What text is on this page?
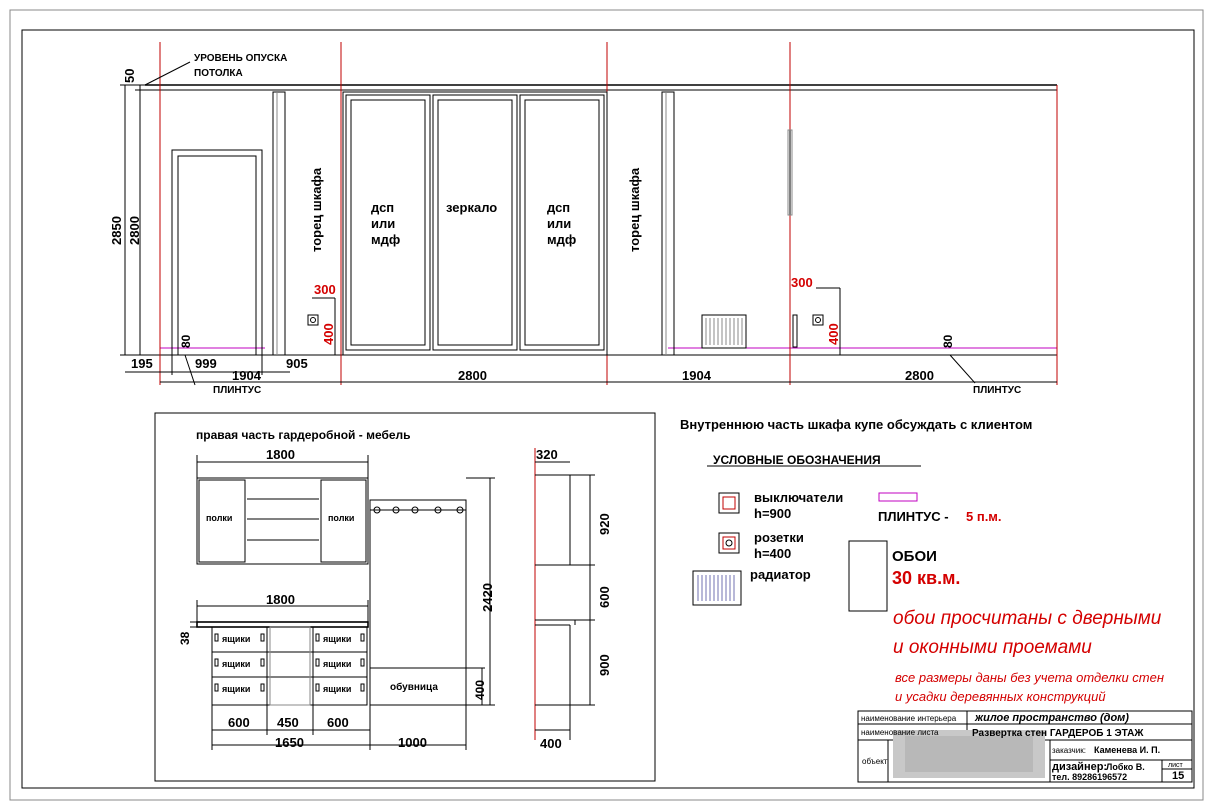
УРОВЕНЬ ОПУСКА
ПОТОЛКА
50
2850 2800
80	80
195	999	905
1904	2800	1904	2800
ПЛИНТУС	ПЛИНТУС
торец шкафа	торец шкафа
дсп
или
мдф
зеркало	дсп
или
мдф
300
400
300
400
правая часть гардеробной - мебель
1800
полки	полки
1800
38	ящики
ящики
ящики
ящики
ящики
ящики	обувница
2420
400
600 450 600
1650	1000
320
920
600
900
400
Внутреннюю часть шкафа купе обсуждать с клиентом
УСЛОВНЫЕ ОБОЗНАЧЕНИЯ
выключатели
h=900
розетки
h=400
радиатор
ПЛИНТУС - 5 п.м.
ОБОИ
30 кв.м.
обои просчитаны с дверными
и оконными проемами
все размеры даны без учета отделки стен
и усадки деревянных конструкций
наименование интерьера жилое пространство (дом)
наименование листа	Развертка стен ГАРДЕРОБ 1 ЭТАЖ
заказчик: Каменева И. П.
объект	дизайнер:
Лобко В.
тел. 89286196572
лист
15
